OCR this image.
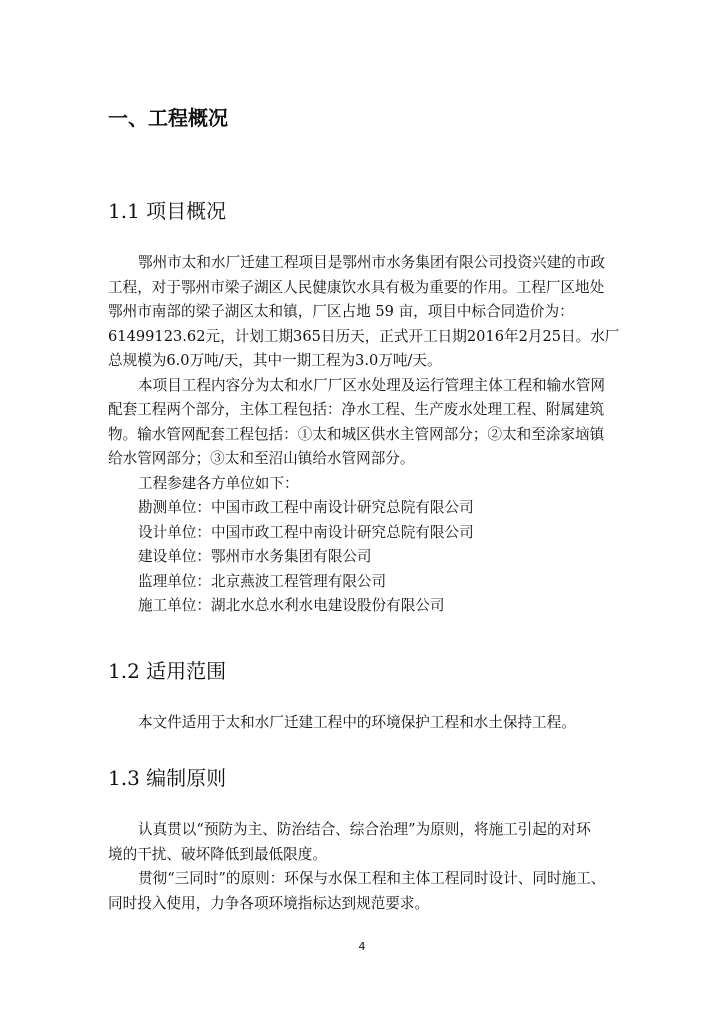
一、工程概况
1.1 项目概况

鄂州市太和水厂迁建工程项目是鄂州市水务集团有限公司投资兴建的市政
工程，对于鄂州市梁子湖区人民健康饮水具有极为重要的作用。工程厂区地处
鄂州市南部的梁子湖区太和镇，厂区占地 59 亩，项目中标合同造价为：
61499123.62元，计划工期365日历天，正式开工日期2016年2月25日。水厂
总规模为6.0万吨/天，其中一期工程为3.0万吨/天。

本项目工程内容分为太和水厂厂区水处理及运行管理主体工程和输水管网
配套工程两个部分，主体工程包括：净水工程、生产废水处理工程、附属建筑
物。输水管网配套工程包括：①太和城区供水主管网部分；②太和至涂家垴镇
给水管网部分；③太和至沼山镇给水管网部分。

工程参建各方单位如下：

勘测单位：中国市政工程中南设计研究总院有限公司
设计单位：中国市政工程中南设计研究总院有限公司
建设单位：鄂州市水务集团有限公司
监理单位：北京燕波工程管理有限公司
施工单位：湖北水总水利水电建设股份有限公司

1.2 适用范围

本文件适用于太和水厂迁建工程中的环境保护工程和水土保持工程。

1.3 编制原则

认真贯以“预防为主、防治结合、综合治理”为原则，将施工引起的对环
境的干扰、破坏降低到最低限度。

贯彻“三同时”的原则：环保与水保工程和主体工程同时设计、同时施工、
同时投入使用，力争各项环境指标达到规范要求。

4
